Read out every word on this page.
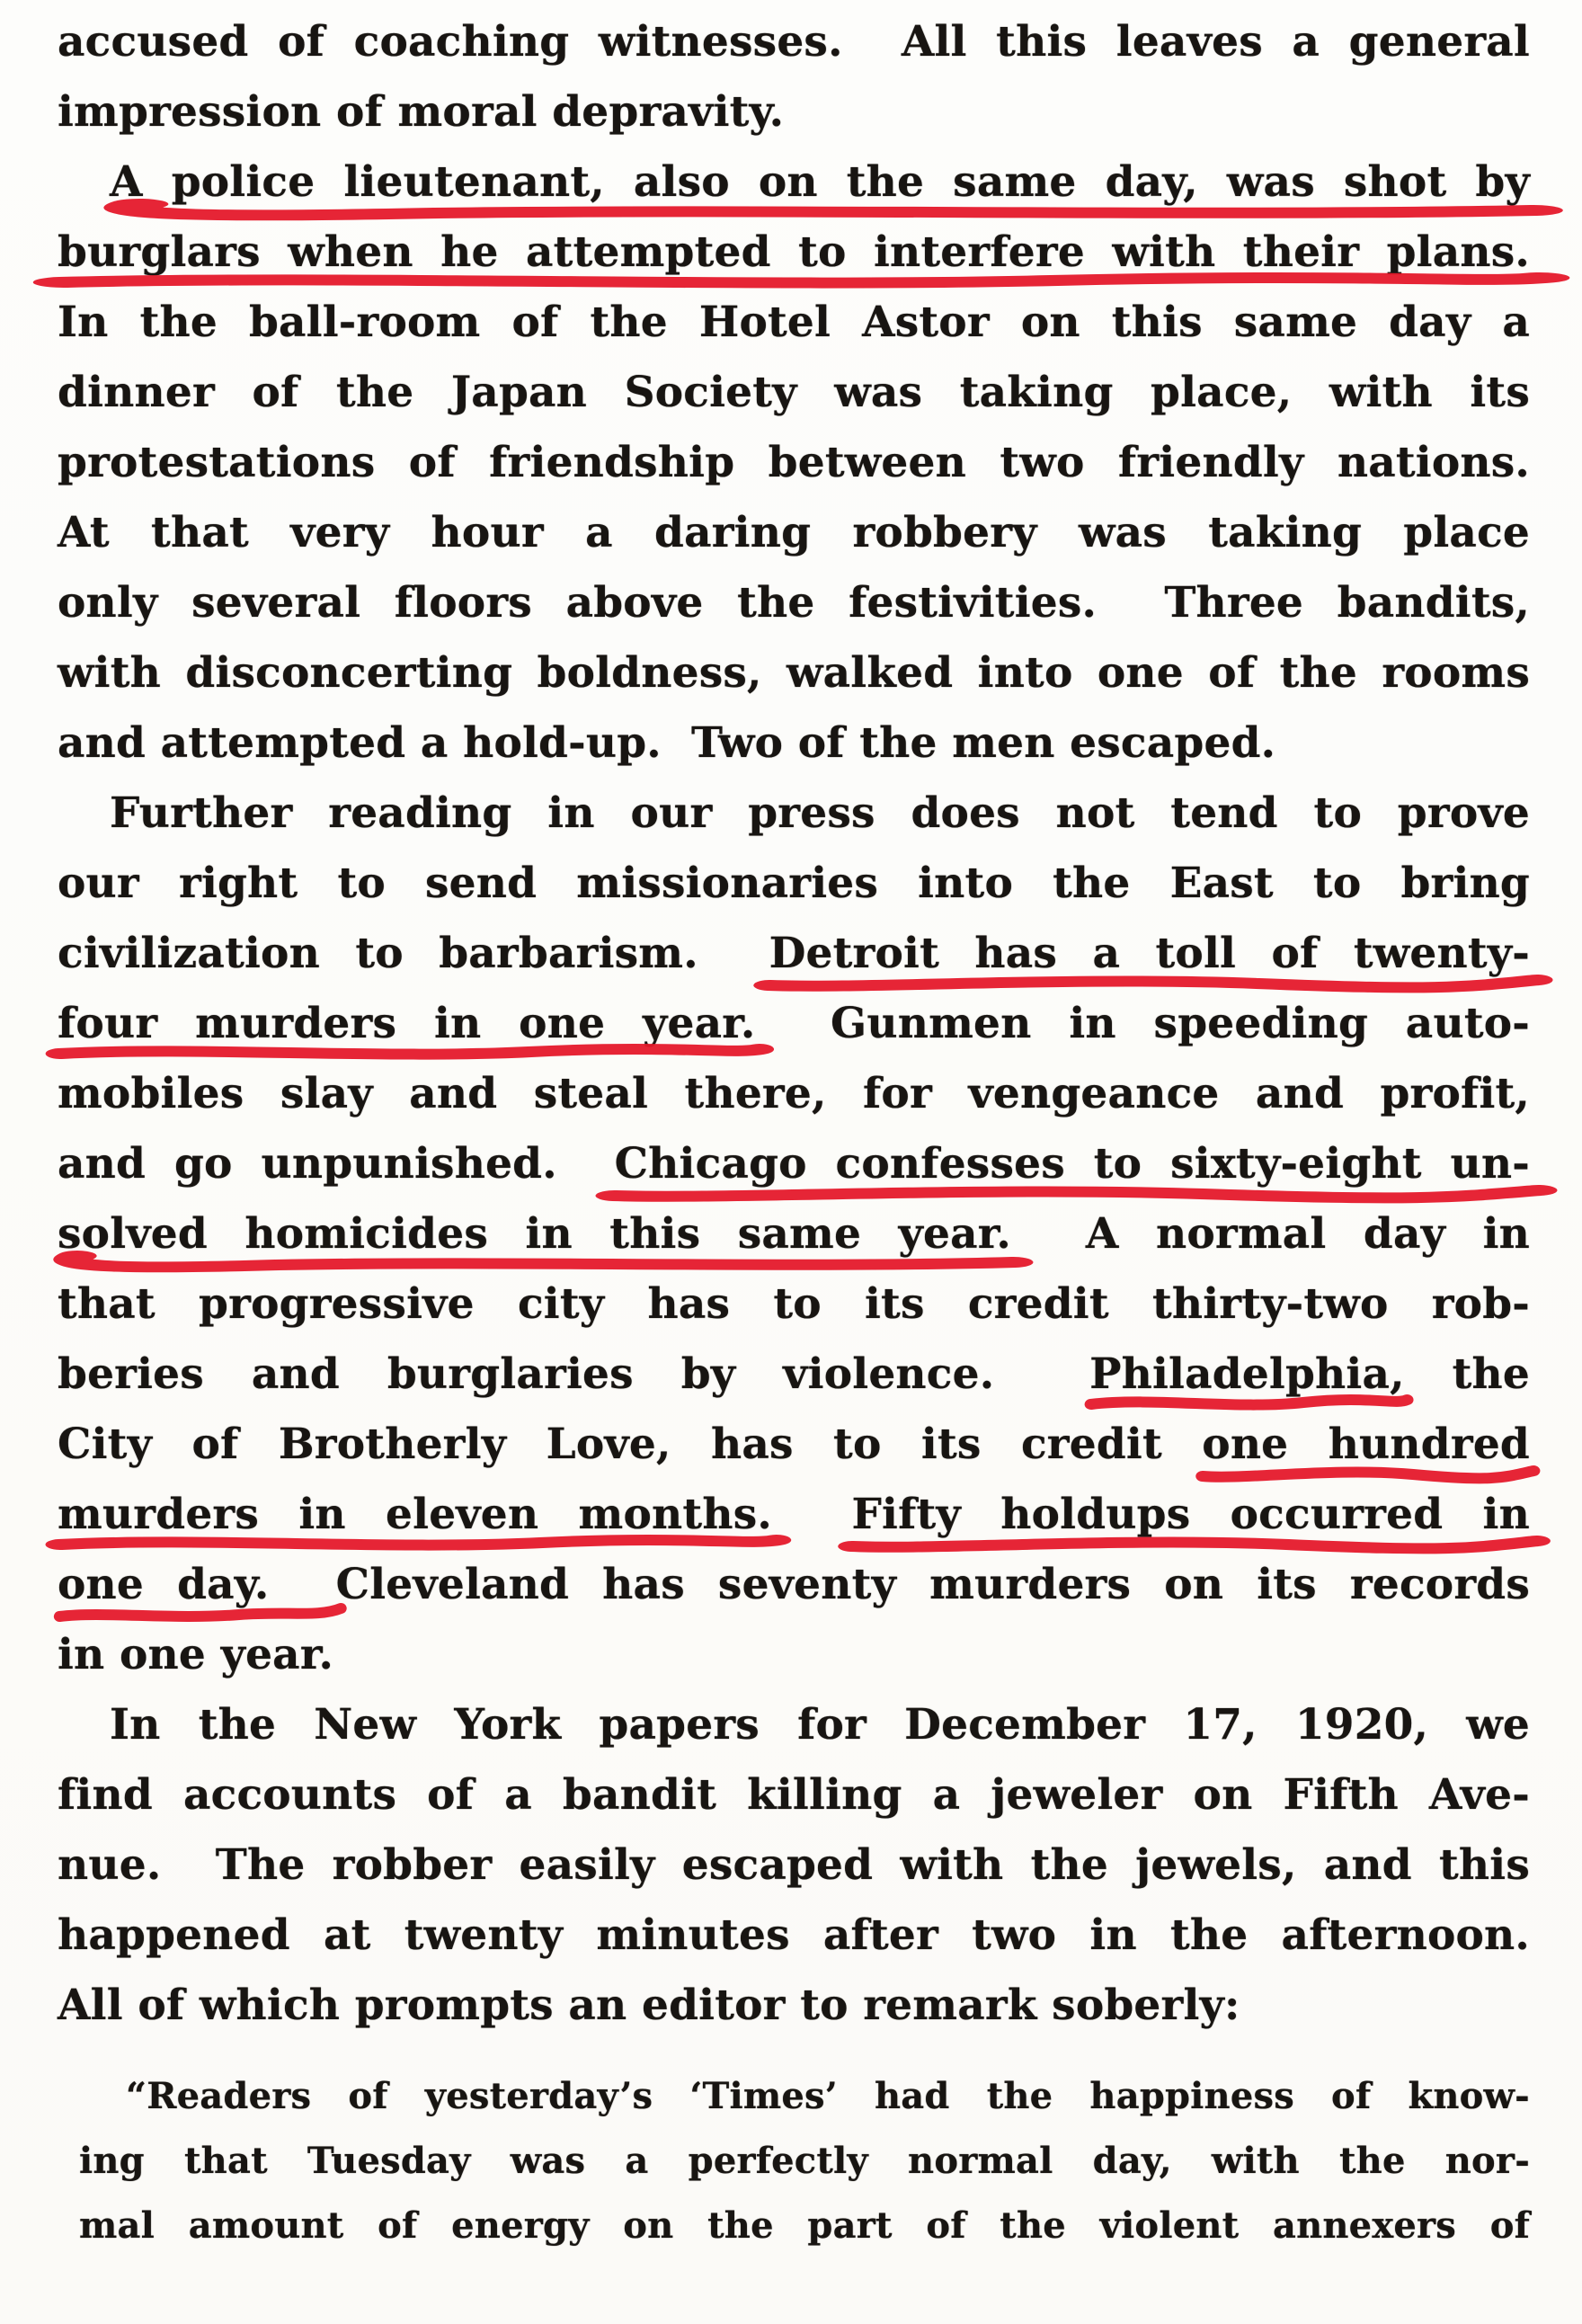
accused of coaching witnesses.  All this leaves a general
impression of moral depravity.
A police lieutenant, also on the same day, was shot by
burglars when he attempted to interfere with their plans.
In the ball-room of the Hotel Astor on this same day a
dinner of the Japan Society was taking place, with its
protestations of friendship between two friendly nations.
At that very hour a daring robbery was taking place
only several floors above the festivities.  Three bandits,
with disconcerting boldness, walked into one of the rooms
and attempted a hold-up.  Two of the men escaped.
Further reading in our press does not tend to prove
our right to send missionaries into the East to bring
civilization to barbarism.  Detroit has a toll of twenty-
four murders in one year.
Gunmen in speeding auto-
mobiles slay and steal there, for vengeance and profit,
and go unpunished.  Chicago confesses to sixty-eight un-
solved homicides in this same year.
A normal day in
that progressive city has to its credit thirty-two rob-
beries and burglaries by violence.  Philadelphia,
the
City of Brotherly Love, has to its credit one hundred
murders in eleven months. Fifty holdups occurred in
one day.
Cleveland has seventy murders on its records
in one year.
In the New York papers for December 17, 1920, we
find accounts of a bandit killing a jeweler on Fifth Ave-
nue.  The robber easily escaped with the jewels, and this
happened at twenty minutes after two in the afternoon.
All of which prompts an editor to remark soberly:
“Readers of yesterday’s ‘Times’ had the happiness of know-
ing that Tuesday was a perfectly normal day, with the nor-
mal amount of energy on the part of the violent annexers of
